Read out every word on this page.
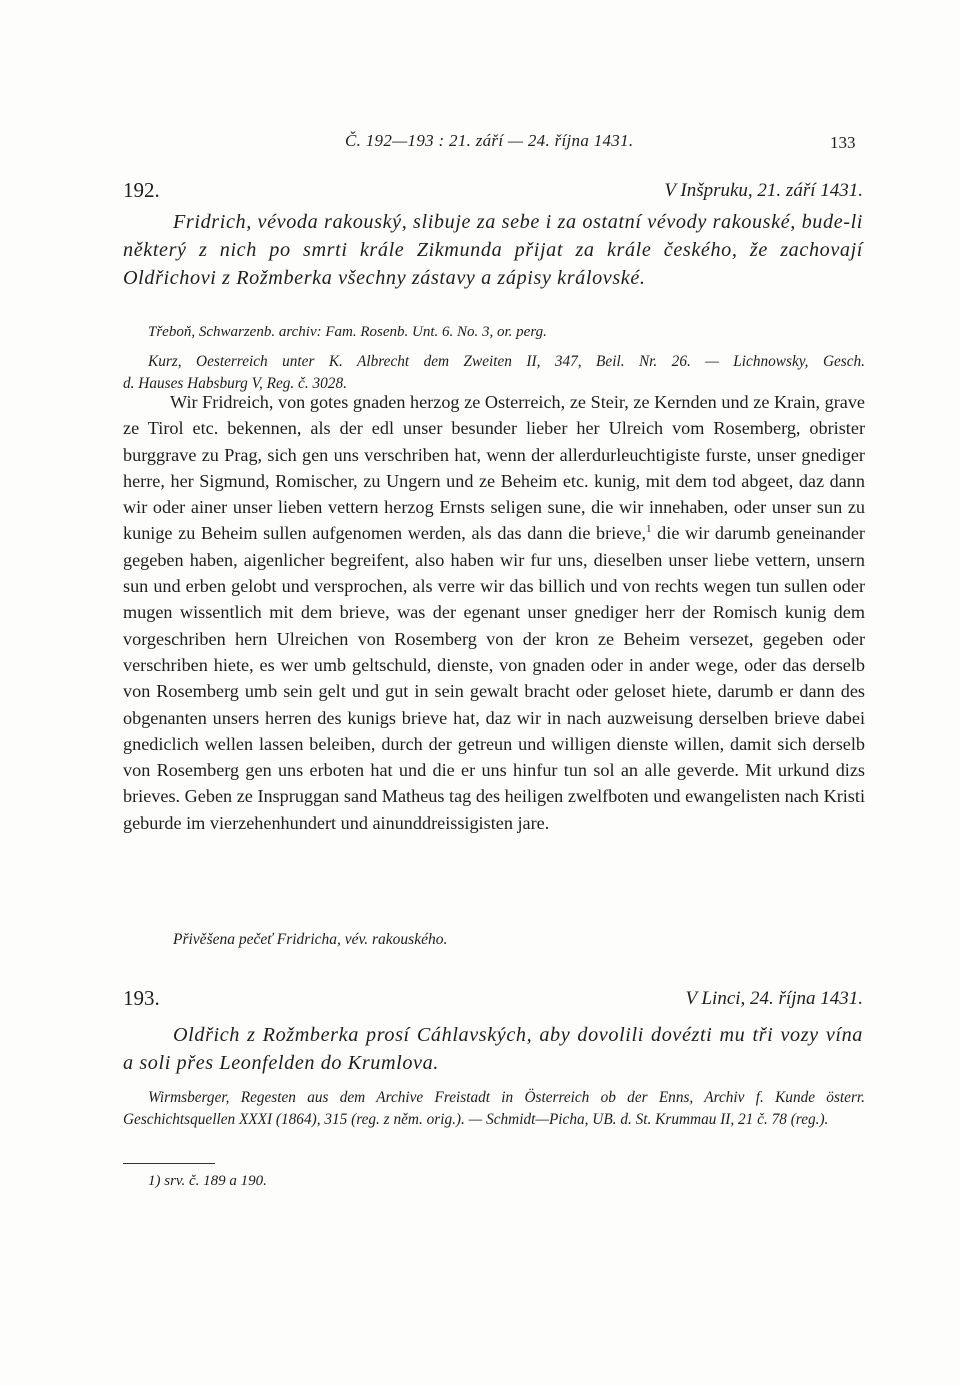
Č. 192—193 : 21. září — 24. října 1431.	133
192.	V Inšpruku, 21. září 1431.
Fridrich, vévoda rakouský, slibuje za sebe i za ostatní vévody rakouské, bude-li některý z nich po smrti krále Zikmunda přijat za krále českého, že zachovají Oldřichovi z Rožmberka všechny zástavy a zápisy královské.
Třeboň, Schwarzenb. archiv: Fam. Rosenb. Unt. 6. No. 3, or. perg.
Kurz, Oesterreich unter K. Albrecht dem Zweiten II, 347, Beil. Nr. 26. — Lichnowsky, Gesch.
d. Hauses Habsburg V, Reg. č. 3028.

Wir Fridreich, von gotes gnaden herzog ze Osterreich, ze Steir, ze Kernden und ze Krain, grave ze Tirol etc. bekennen, als der edl unser besunder lieber her Ulreich vom Rosemberg, obrister burggrave zu Prag, sich gen uns verschriben hat, wenn der allerdurleuchtigiste furste, unser gnediger herre, her Sigmund, Romischer, zu Ungern und ze Beheim etc. kunig, mit dem tod abgeet, daz dann wir oder ainer unser lieben vettern herzog Ernsts seligen sune, die wir innehaben, oder unser sun zu kunige zu Beheim sullen aufgenomen werden, als das dann die brieve,$^1$ die wir darumb geneinander gegeben haben, aigenlicher begreifent, also haben wir fur uns, dieselben unser liebe vettern, unsern sun und erben gelobt und versprochen, als verre wir das billich und von rechts wegen tun sullen oder mugen wissentlich mit dem brieve, was der egenant unser gnediger herr der Romisch kunig dem vorgeschriben hern Ulreichen von Rosemberg von der kron ze Beheim versezet, gegeben oder verschriben hiete, es wer umb geltschuld, dienste, von gnaden oder in ander wege, oder das derselb von Rosemberg umb sein gelt und gut in sein gewalt bracht oder geloset hiete, darumb er dann des obgenanten unsers herren des kunigs brieve hat, daz wir in nach auzweisung derselben brieve dabei gnediclich wellen lassen beleiben, durch der getreun und willigen dienste willen, damit sich derselb von Rosemberg gen uns erboten hat und die er uns hinfur tun sol an alle geverde. Mit urkund dizs brieves. Geben ze Inspruggan sand Matheus tag des heiligen zwelfboten und ewangelisten nach Kristi geburde im vierzehenhundert und ainunddreissigisten jare.

Přivěšena pečeť Fridricha, vév. rakouského.
193.	V Linci, 24. října 1431.
Oldřich z Rožmberka prosí Cáhlavských, aby dovolili dovézti mu tři vozy vína a soli přes Leonfelden do Krumlova.
Wirmsberger, Regesten aus dem Archive Freistadt in Österreich ob der Enns, Archiv f. Kunde österr. Geschichtsquellen XXXI (1864), 315 (reg. z něm. orig.). — Schmidt—Picha, UB. d. St. Krummau II, 21 č. 78 (reg.).
1) srv. č. 189 a 190.
